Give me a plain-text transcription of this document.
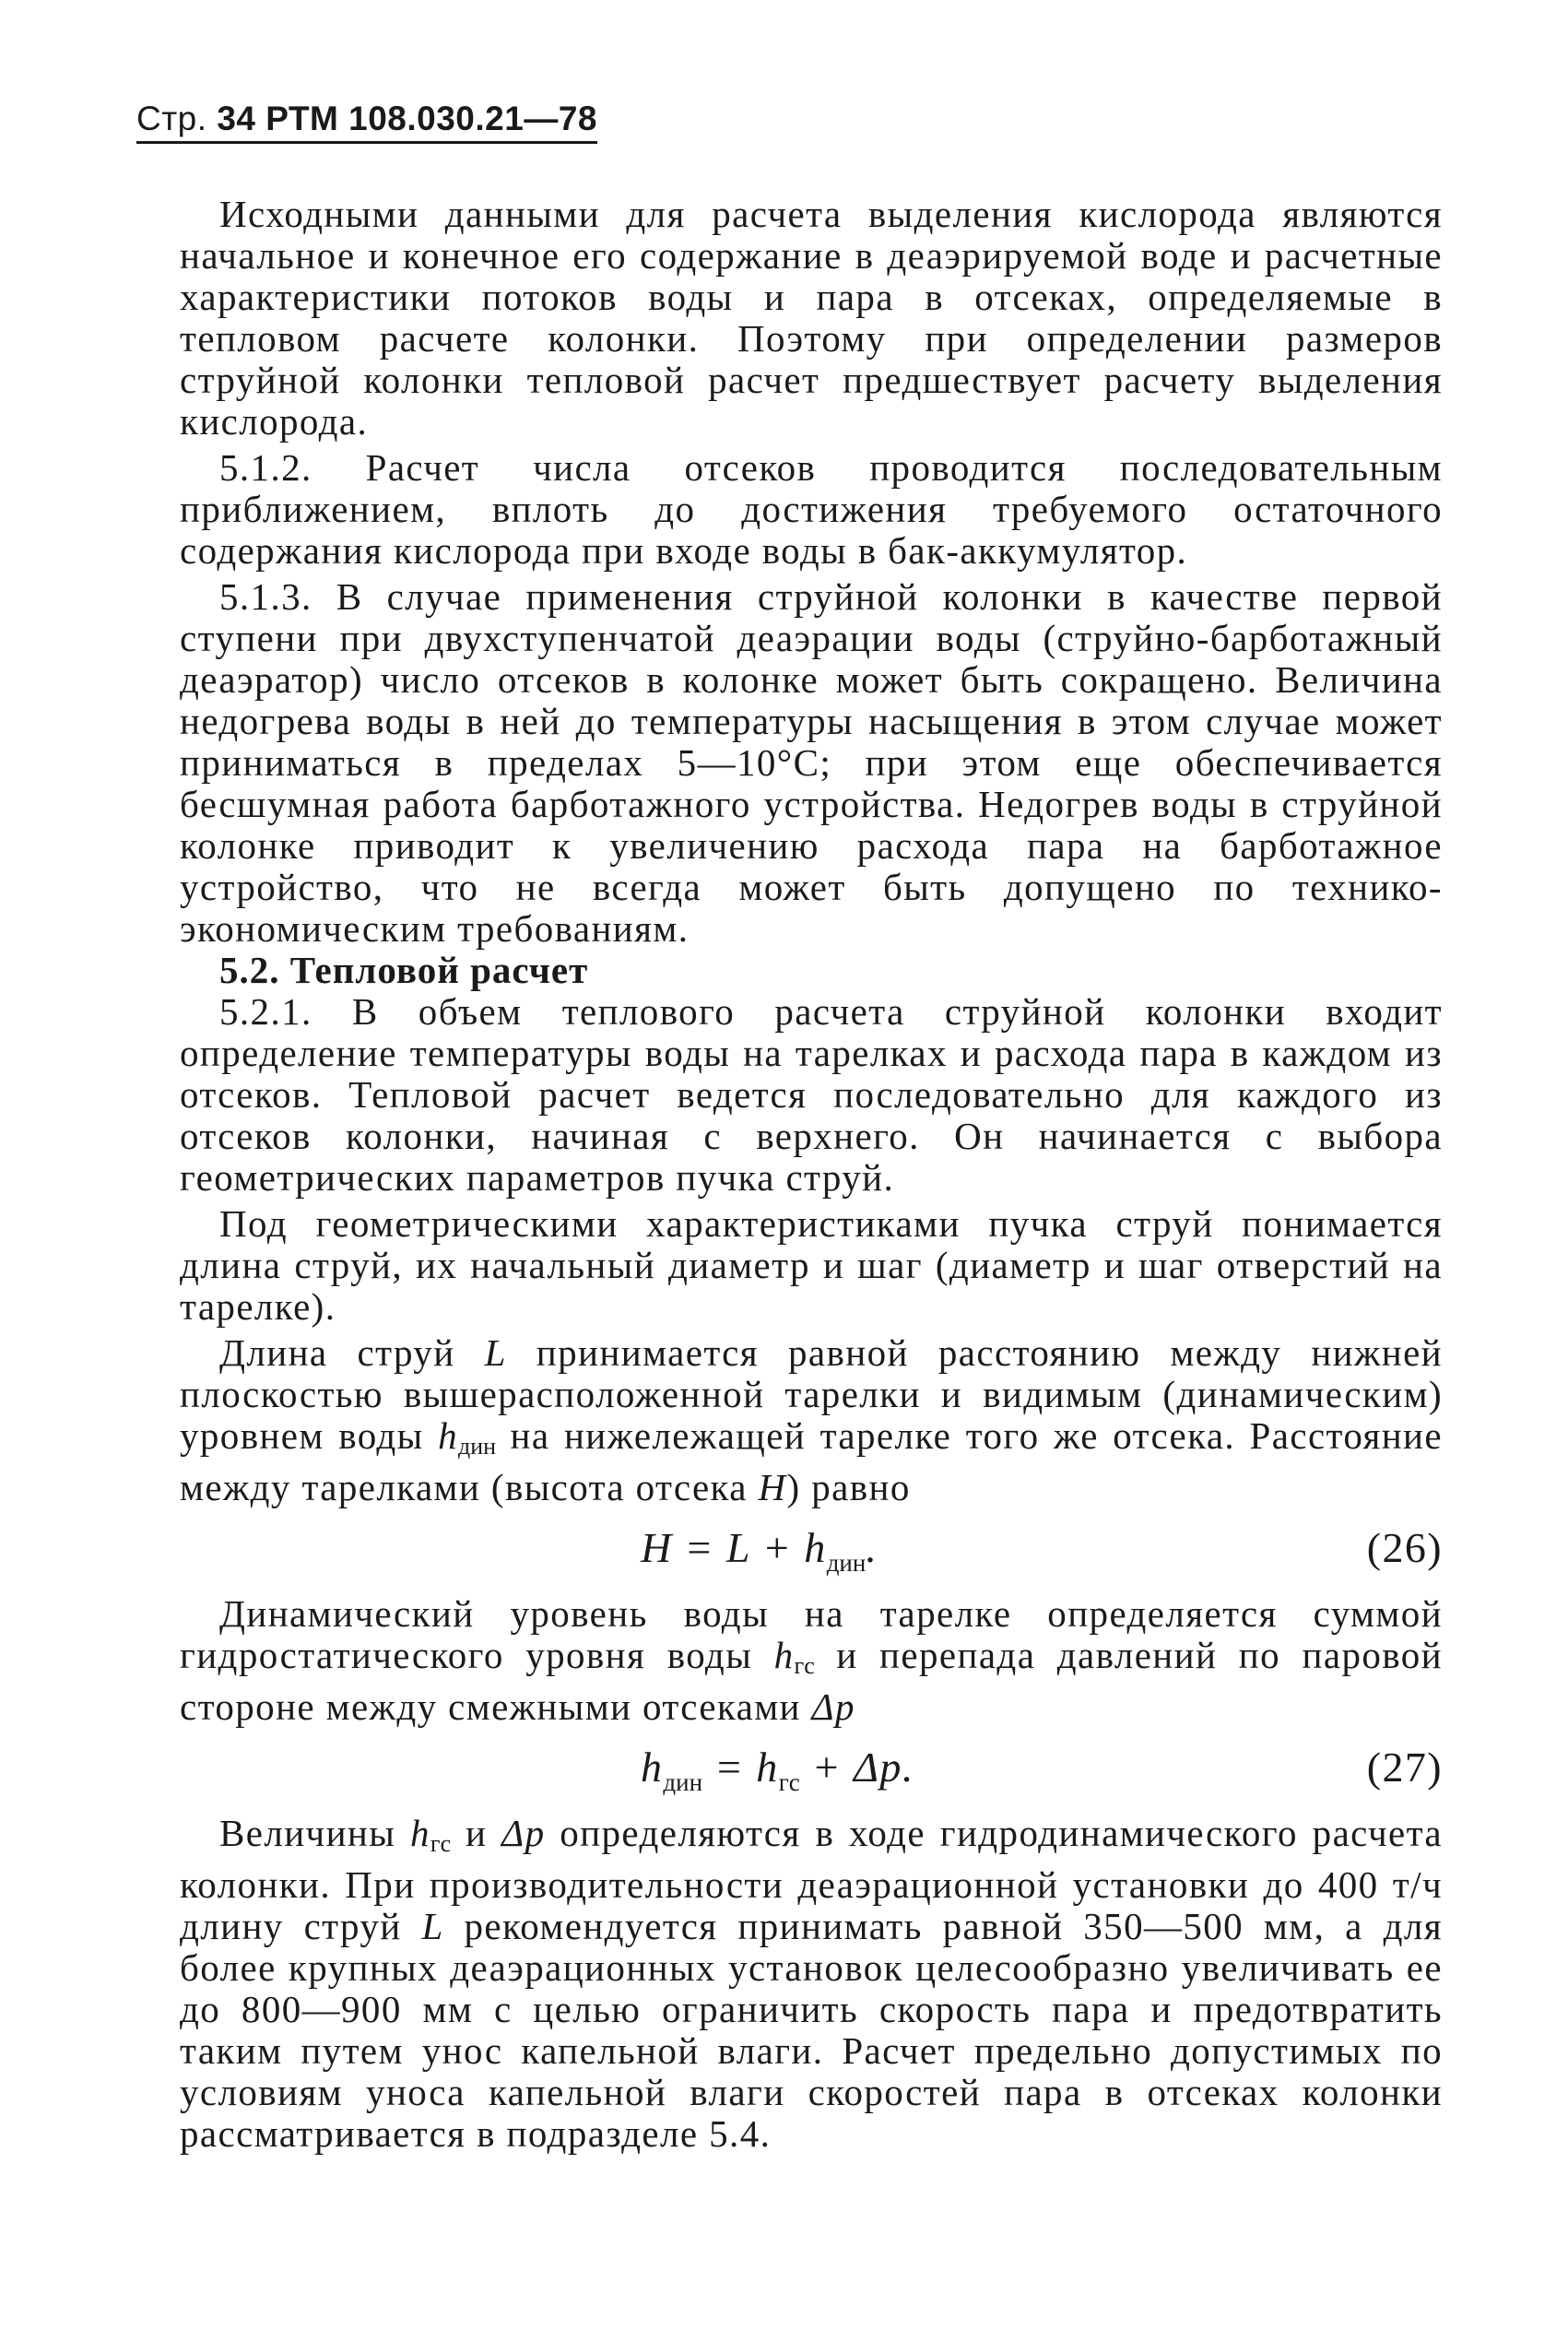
Стр. 34 РТМ 108.030.21—78

Исходными данными для расчета выделения кислорода являются начальное и конечное его содержание в деаэрируемой воде и расчетные характеристики потоков воды и пара в отсеках, определяемые в тепловом расчете колонки. Поэтому при определении размеров струйной колонки тепловой расчет предшествует расчету выделения кислорода.

5.1.2. Расчет числа отсеков проводится последовательным приближением, вплоть до достижения требуемого остаточного содержания кислорода при входе воды в бак-аккумулятор.

5.1.3. В случае применения струйной колонки в качестве первой ступени при двухступенчатой деаэрации воды (струйно-барботажный деаэратор) число отсеков в колонке может быть сокращено. Величина недогрева воды в ней до температуры насыщения в этом случае может приниматься в пределах 5—10°С; при этом еще обеспечивается бесшумная работа барботажного устройства. Недогрев воды в струйной колонке приводит к увеличению расхода пара на барботажное устройство, что не всегда может быть допущено по технико-экономическим требованиям.

5.2. Тепловой расчет

5.2.1. В объем теплового расчета струйной колонки входит определение температуры воды на тарелках и расхода пара в каждом из отсеков. Тепловой расчет ведется последовательно для каждого из отсеков колонки, начиная с верхнего. Он начинается с выбора геометрических параметров пучка струй.

Под геометрическими характеристиками пучка струй понимается длина струй, их начальный диаметр и шаг (диаметр и шаг отверстий на тарелке).

Длина струй L принимается равной расстоянию между нижней плоскостью вышерасположенной тарелки и видимым (динамическим) уровнем воды hдин на нижележащей тарелке того же отсека. Расстояние между тарелками (высота отсека H) равно

$H = L + h_{дин}$.	(26)

Динамический уровень воды на тарелке определяется суммой гидростатического уровня воды hгс и перепада давлений по паровой стороне между смежными отсеками Δp

$h_{дин} = h_{гс} + \Delta p$.	(27)

Величины hгс и Δp определяются в ходе гидродинамического расчета колонки. При производительности деаэрационной установки до 400 т/ч длину струй L рекомендуется принимать равной 350—500 мм, а для более крупных деаэрационных установок целесообразно увеличивать ее до 800—900 мм с целью ограничить скорость пара и предотвратить таким путем унос капельной влаги. Расчет предельно допустимых по условиям уноса капельной влаги скоростей пара в отсеках колонки рассматривается в подразделе 5.4.
